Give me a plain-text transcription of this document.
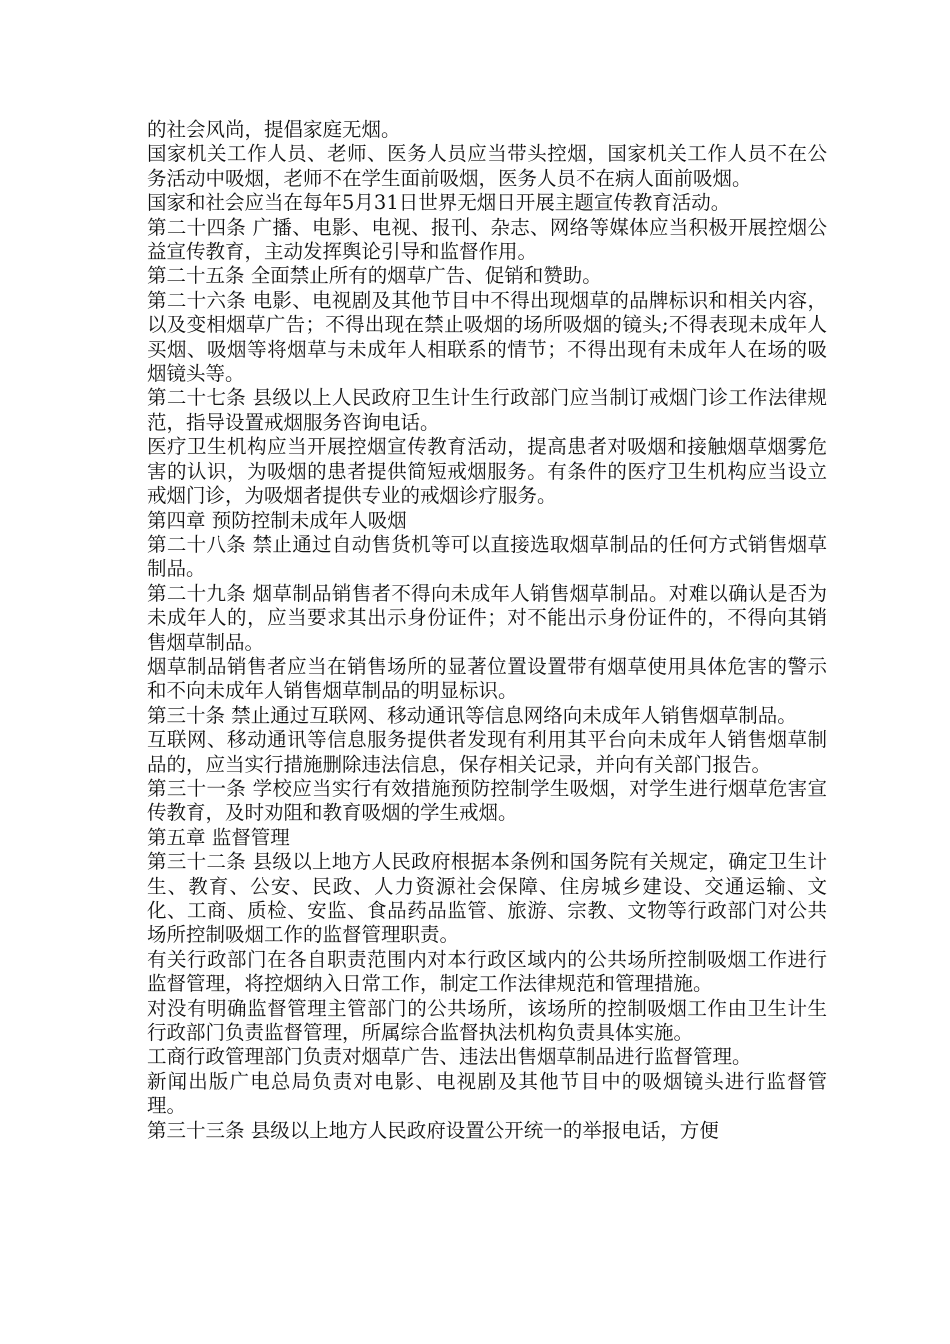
的社会风尚，提倡家庭无烟。

国家机关工作人员、老师、医务人员应当带头控烟，国家机关工作人员不在公务活动中吸烟，老师不在学生面前吸烟，医务人员不在病人面前吸烟。

国家和社会应当在每年5月31日世界无烟日开展主题宣传教育活动。

第二十四条 广播、电影、电视、报刊、杂志、网络等媒体应当积极开展控烟公益宣传教育，主动发挥舆论引导和监督作用。

第二十五条 全面禁止所有的烟草广告、促销和赞助。

第二十六条 电影、电视剧及其他节目中不得出现烟草的品牌标识和相关内容，以及变相烟草广告；不得出现在禁止吸烟的场所吸烟的镜头;不得表现未成年人买烟、吸烟等将烟草与未成年人相联系的情节；不得出现有未成年人在场的吸烟镜头等。

第二十七条 县级以上人民政府卫生计生行政部门应当制订戒烟门诊工作法律规范，指导设置戒烟服务咨询电话。

医疗卫生机构应当开展控烟宣传教育活动，提高患者对吸烟和接触烟草烟雾危害的认识，为吸烟的患者提供简短戒烟服务。有条件的医疗卫生机构应当设立戒烟门诊，为吸烟者提供专业的戒烟诊疗服务。

第四章 预防控制未成年人吸烟

第二十八条 禁止通过自动售货机等可以直接选取烟草制品的任何方式销售烟草制品。

第二十九条 烟草制品销售者不得向未成年人销售烟草制品。对难以确认是否为未成年人的，应当要求其出示身份证件；对不能出示身份证件的，不得向其销售烟草制品。

烟草制品销售者应当在销售场所的显著位置设置带有烟草使用具体危害的警示和不向未成年人销售烟草制品的明显标识。

第三十条 禁止通过互联网、移动通讯等信息网络向未成年人销售烟草制品。

互联网、移动通讯等信息服务提供者发现有利用其平台向未成年人销售烟草制品的，应当实行措施删除违法信息，保存相关记录，并向有关部门报告。

第三十一条 学校应当实行有效措施预防控制学生吸烟，对学生进行烟草危害宣传教育，及时劝阻和教育吸烟的学生戒烟。

第五章 监督管理

第三十二条 县级以上地方人民政府根据本条例和国务院有关规定，确定卫生计生、教育、公安、民政、人力资源社会保障、住房城乡建设、交通运输、文化、工商、质检、安监、食品药品监管、旅游、宗教、文物等行政部门对公共场所控制吸烟工作的监督管理职责。

有关行政部门在各自职责范围内对本行政区域内的公共场所控制吸烟工作进行监督管理，将控烟纳入日常工作，制定工作法律规范和管理措施。

对没有明确监督管理主管部门的公共场所，该场所的控制吸烟工作由卫生计生行政部门负责监督管理，所属综合监督执法机构负责具体实施。

工商行政管理部门负责对烟草广告、违法出售烟草制品进行监督管理。

新闻出版广电总局负责对电影、电视剧及其他节目中的吸烟镜头进行监督管理。

第三十三条 县级以上地方人民政府设置公开统一的举报电话，方便
